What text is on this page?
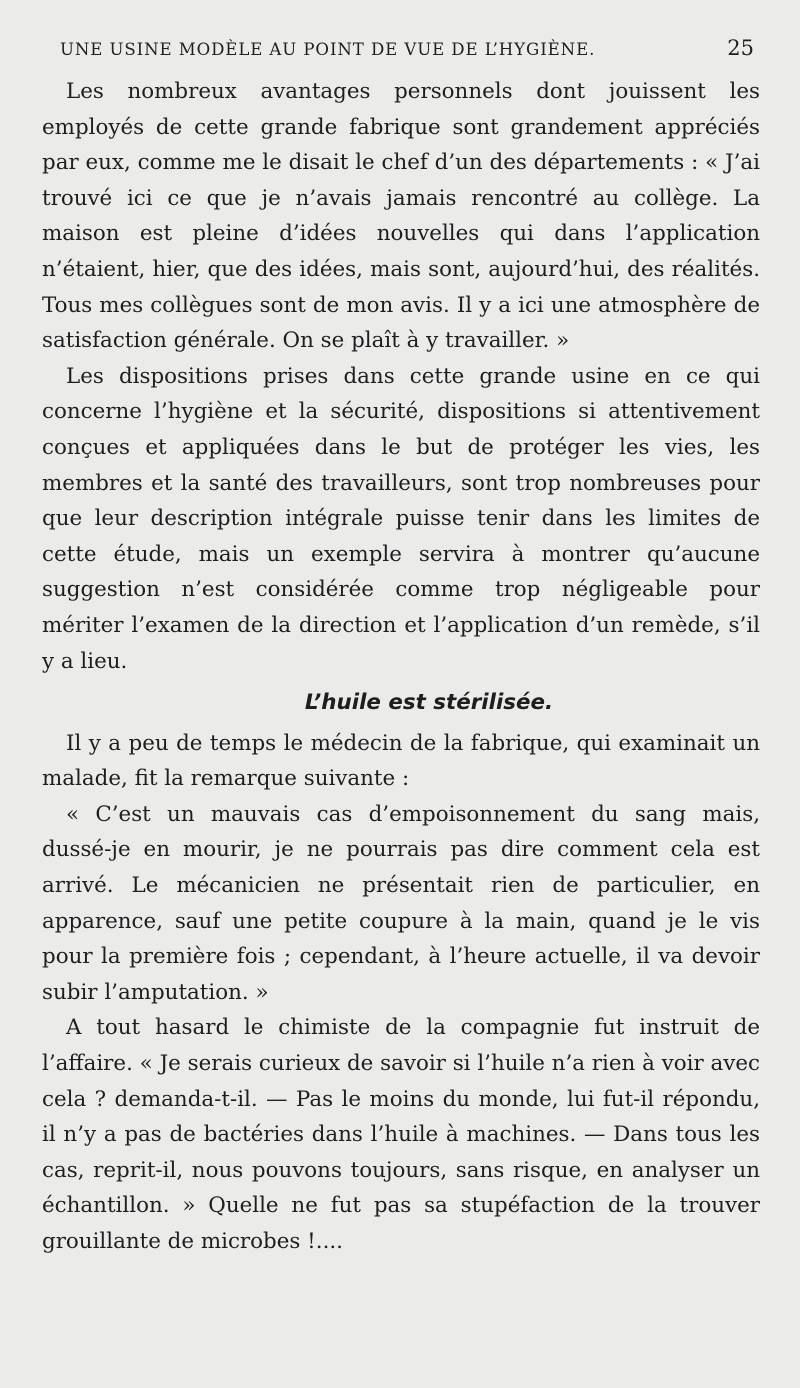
UNE USINE MODÈLE AU POINT DE VUE DE L’HYGIÈNE.	25

Les nombreux avantages personnels dont jouissent les employés de cette grande fabrique sont grandement appréciés par eux, comme me le disait le chef d’un des départements : « J’ai trouvé ici ce que je n’avais jamais rencontré au collège. La maison est pleine d’idées nouvelles qui dans l’application n’étaient, hier, que des idées, mais sont, aujourd’hui, des réalités. Tous mes collègues sont de mon avis. Il y a ici une atmosphère de satisfaction générale. On se plaît à y travailler. »

Les dispositions prises dans cette grande usine en ce qui concerne l’hygiène et la sécurité, dispositions si attentivement conçues et appliquées dans le but de protéger les vies, les membres et la santé des travailleurs, sont trop nombreuses pour que leur description intégrale puisse tenir dans les limites de cette étude, mais un exemple servira à montrer qu’aucune suggestion n’est considérée comme trop négligeable pour mériter l’examen de la direction et l’application d’un remède, s’il y a lieu.

L’huile est stérilisée.

Il y a peu de temps le médecin de la fabrique, qui examinait un malade, fit la remarque suivante :

« C’est un mauvais cas d’empoisonnement du sang mais, dussé-je en mourir, je ne pourrais pas dire comment cela est arrivé. Le mécanicien ne présentait rien de particulier, en apparence, sauf une petite coupure à la main, quand je le vis pour la première fois ; cependant, à l’heure actuelle, il va devoir subir l’amputation. »

A tout hasard le chimiste de la compagnie fut instruit de l’affaire. « Je serais curieux de savoir si l’huile n’a rien à voir avec cela ? demanda-t-il. — Pas le moins du monde, lui fut-il répondu, il n’y a pas de bactéries dans l’huile à machines. — Dans tous les cas, reprit-il, nous pouvons toujours, sans risque, en analyser un échantillon. » Quelle ne fut pas sa stupéfaction de la trouver grouillante de microbes !....
